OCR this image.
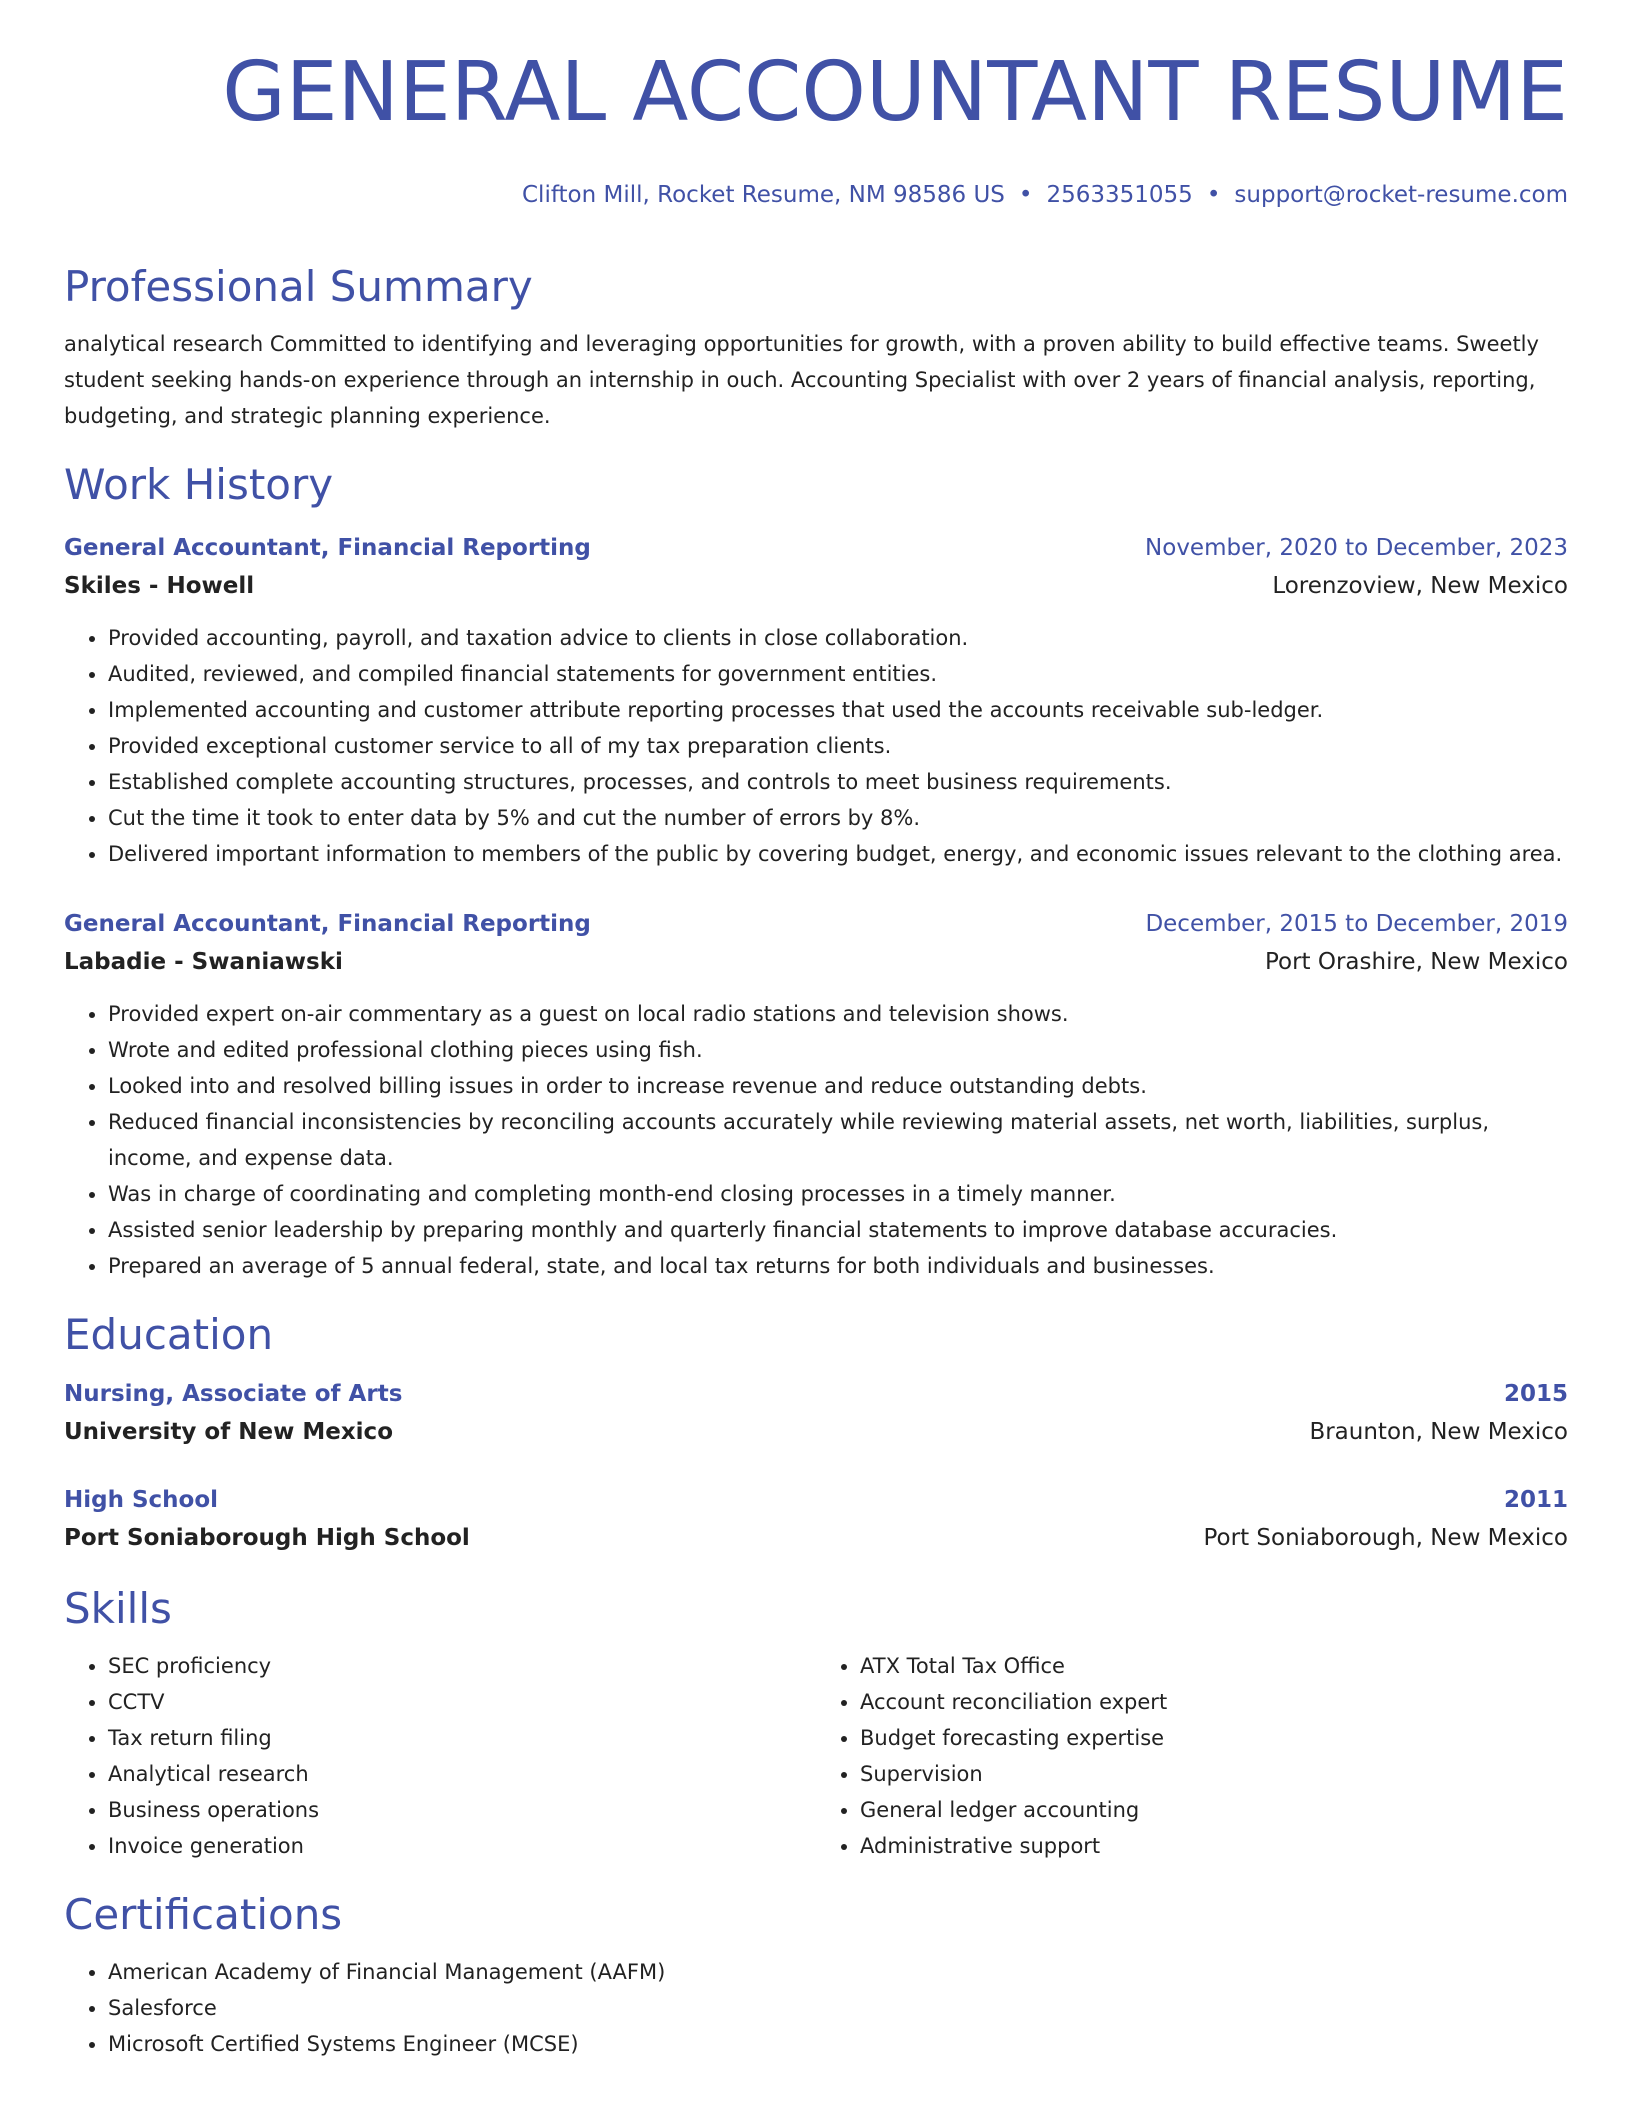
GENERAL ACCOUNTANT RESUME
Clifton Mill, Rocket Resume, NM 98586 US • 2563351055 • support@rocket-resume.com
Professional Summary

analytical research Committed to identifying and leveraging opportunities for growth, with a proven ability to build effective teams. Sweetly student seeking hands-on experience through an internship in ouch. Accounting Specialist with over 2 years of financial analysis, reporting, budgeting, and strategic planning experience.

Work History
General Accountant, Financial Reporting	November, 2020 to December, 2023
Skiles - Howell	Lorenzoview, New Mexico
• Provided accounting, payroll, and taxation advice to clients in close collaboration.
• Audited, reviewed, and compiled financial statements for government entities.
• Implemented accounting and customer attribute reporting processes that used the accounts receivable sub-ledger.
• Provided exceptional customer service to all of my tax preparation clients.
• Established complete accounting structures, processes, and controls to meet business requirements.
• Cut the time it took to enter data by 5% and cut the number of errors by 8%.
• Delivered important information to members of the public by covering budget, energy, and economic issues relevant to the clothing area.
General Accountant, Financial Reporting	December, 2015 to December, 2019
Labadie - Swaniawski	Port Orashire, New Mexico
• Provided expert on-air commentary as a guest on local radio stations and television shows.
• Wrote and edited professional clothing pieces using fish.
• Looked into and resolved billing issues in order to increase revenue and reduce outstanding debts.
• Reduced financial inconsistencies by reconciling accounts accurately while reviewing material assets, net worth, liabilities, surplus, income, and expense data.
• Was in charge of coordinating and completing month-end closing processes in a timely manner.
• Assisted senior leadership by preparing monthly and quarterly financial statements to improve database accuracies.
• Prepared an average of 5 annual federal, state, and local tax returns for both individuals and businesses.
Education
Nursing, Associate of Arts	2015
University of New Mexico	Braunton, New Mexico
High School	2011
Port Soniaborough High School	Port Soniaborough, New Mexico
Skills
• SEC proficiency
• CCTV
• Tax return filing
• Analytical research
• Business operations
• Invoice generation
• ATX Total Tax Office
• Account reconciliation expert
• Budget forecasting expertise
• Supervision
• General ledger accounting
• Administrative support
Certifications
• American Academy of Financial Management (AAFM)
• Salesforce
• Microsoft Certified Systems Engineer (MCSE)
